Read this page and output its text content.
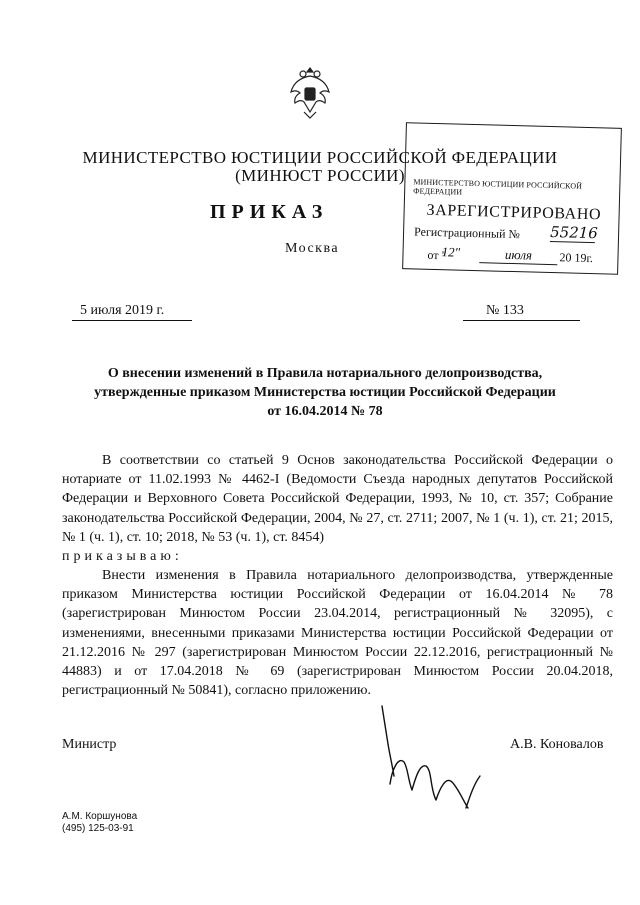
МИНИСТЕРСТВО ЮСТИЦИИ РОССИЙСКОЙ ФЕДЕРАЦИИ
(МИНЮСТ РОССИИ)
ПРИКАЗ
Москва
МИНИСТЕРСТВО ЮСТИЦИИ РОССИЙСКОЙ ФЕДЕРАЦИИ
ЗАРЕГИСТРИРОВАНО
Регистрационный № 55216
от "
12"	июля	20 19г.
5 июля 2019 г.	№ 133
О внесении изменений в Правила нотариального делопроизводства,
утвержденные приказом Министерства юстиции Российской Федерации
от 16.04.2014 № 78
В соответствии со статьей 9 Основ законодательства Российской Федерации о нотариате от 11.02.1993 № 4462-I (Ведомости Съезда народных депутатов Российской Федерации и Верховного Совета Российской Федерации, 1993, № 10, ст. 357; Собрание законодательства Российской Федерации, 2004, № 27, ст. 2711; 2007, № 1 (ч. 1), ст. 21; 2015, № 1 (ч. 1), ст. 10; 2018, № 53 (ч. 1), ст. 8454)
приказываю:
Внести изменения в Правила нотариального делопроизводства, утвержденные приказом Министерства юстиции Российской Федерации от 16.04.2014 № 78 (зарегистрирован Минюстом России 23.04.2014, регистрационный № 32095), с изменениями, внесенными приказами Министерства юстиции Российской Федерации от 21.12.2016 № 297 (зарегистрирован Минюстом России 22.12.2016, регистрационный № 44883) и от 17.04.2018 № 69 (зарегистрирован Минюстом России 20.04.2018, регистрационный № 50841), согласно приложению.
Министр	А.В. Коновалов
А.М. Коршунова
(495) 125-03-91
